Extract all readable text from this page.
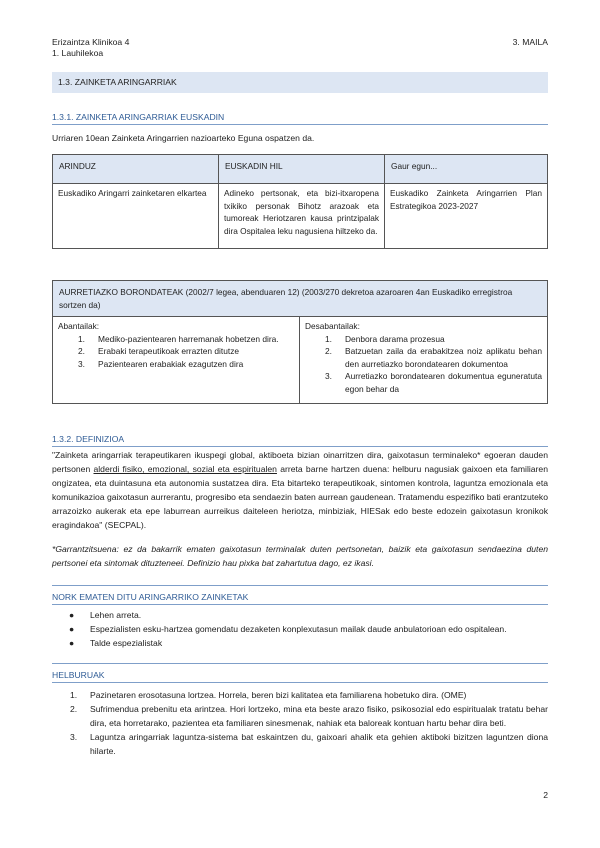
Erizaintza Klinikoa 4
1. Lauhilekoa
3. MAILA
1.3. ZAINKETA ARINGARRIAK
1.3.1. ZAINKETA ARINGARRIAK EUSKADIN
Urriaren 10ean Zainketa Aringarrien nazioarteko Eguna ospatzen da.
ARINDUZ	EUSKADIN HIL	Gaur egun...
Euskadiko Aringarri zainketaren elkartea	Adineko pertsonak, eta bizi-itxaropena txikiko personak Bihotz arazoak eta tumoreak Heriotzaren kausa printzipalak dira Ospitalea leku nagusiena hiltzeko da.	Euskadiko Zainketa Aringarrien Plan Estrategikoa 2023-2027
AURRETIAZKO BORONDATEAK (2002/7 legea, abenduaren 12) (2003/270 dekretoa azaroaren 4an Euskadiko erregistroa sortzen da)

Abantailak:
1. Mediko-pazientearen harremanak hobetzen dira.
2. Erabaki terapeutikoak errazten ditutze
3. Pazientearen erabakiak ezagutzen dira

Desabantailak:
1. Denbora darama prozesua
2. Batzuetan zaila da erabakitzea noiz aplikatu behan den aurretiazko borondatearen dokumentoa
3. Aurretiazko borondatearen dokumentua eguneratuta egon behar da
1.3.2. DEFINIZIOA
"Zainketa aringarriak terapeutikaren ikuspegi global, aktiboeta bizian oinarritzen dira, gaixotasun terminaleko* egoeran dauden pertsonen alderdi fisiko, emozional, sozial eta espiritualen arreta barne hartzen duena: helburu nagusiak gaixoen eta familiaren ongizatea, eta duintasuna eta autonomia sustatzea dira. Eta bitarteko terapeutikoak, sintomen kontrola, laguntza emozionala eta komunikazioa gaixotasun aurrerantu, progresibo eta sendaezin baten aurrean gaudenean. Tratamendu espezifiko bati erantzuteko arrazoizko aukerak eta epe laburrean aurreikus daiteleen heriotza, minbiziak, HIESak edo beste edozein gaixotasun kronikok eragindakoa" (SECPAL).
*Garrantzitsuena: ez da bakarrik ematen gaixotasun terminalak duten pertsonetan, baizik eta gaixotasun sendaezina duten pertsonei eta sintomak dituzteneei. Definizio hau pixka bat zahartutua dago, ez ikasi.
NORK EMATEN DITU ARINGARRIKO ZAINKETAK
● Lehen arreta.
● Espezialisten esku-hartzea gomendatu dezaketen konplexutasun mailak daude anbulatorioan edo ospitalean.
● Talde espezialistak
HELBURUAK
1. Pazinetaren erosotasuna lortzea. Horrela, beren bizi kalitatea eta familiarena hobetuko dira. (OME)
2. Sufrimendua prebenitu eta arintzea. Hori lortzeko, mina eta beste arazo fisiko, psikosozial edo espiritualak tratatu behar dira, eta horretarako, pazientea eta familiaren sinesmenak, nahiak eta baloreak kontuan hartu behar dira beti.
3. Laguntza aringarriak laguntza-sistema bat eskaintzen du, gaixoari ahalik eta gehien aktiboki bizitzen laguntzen diona hilarte.
2
